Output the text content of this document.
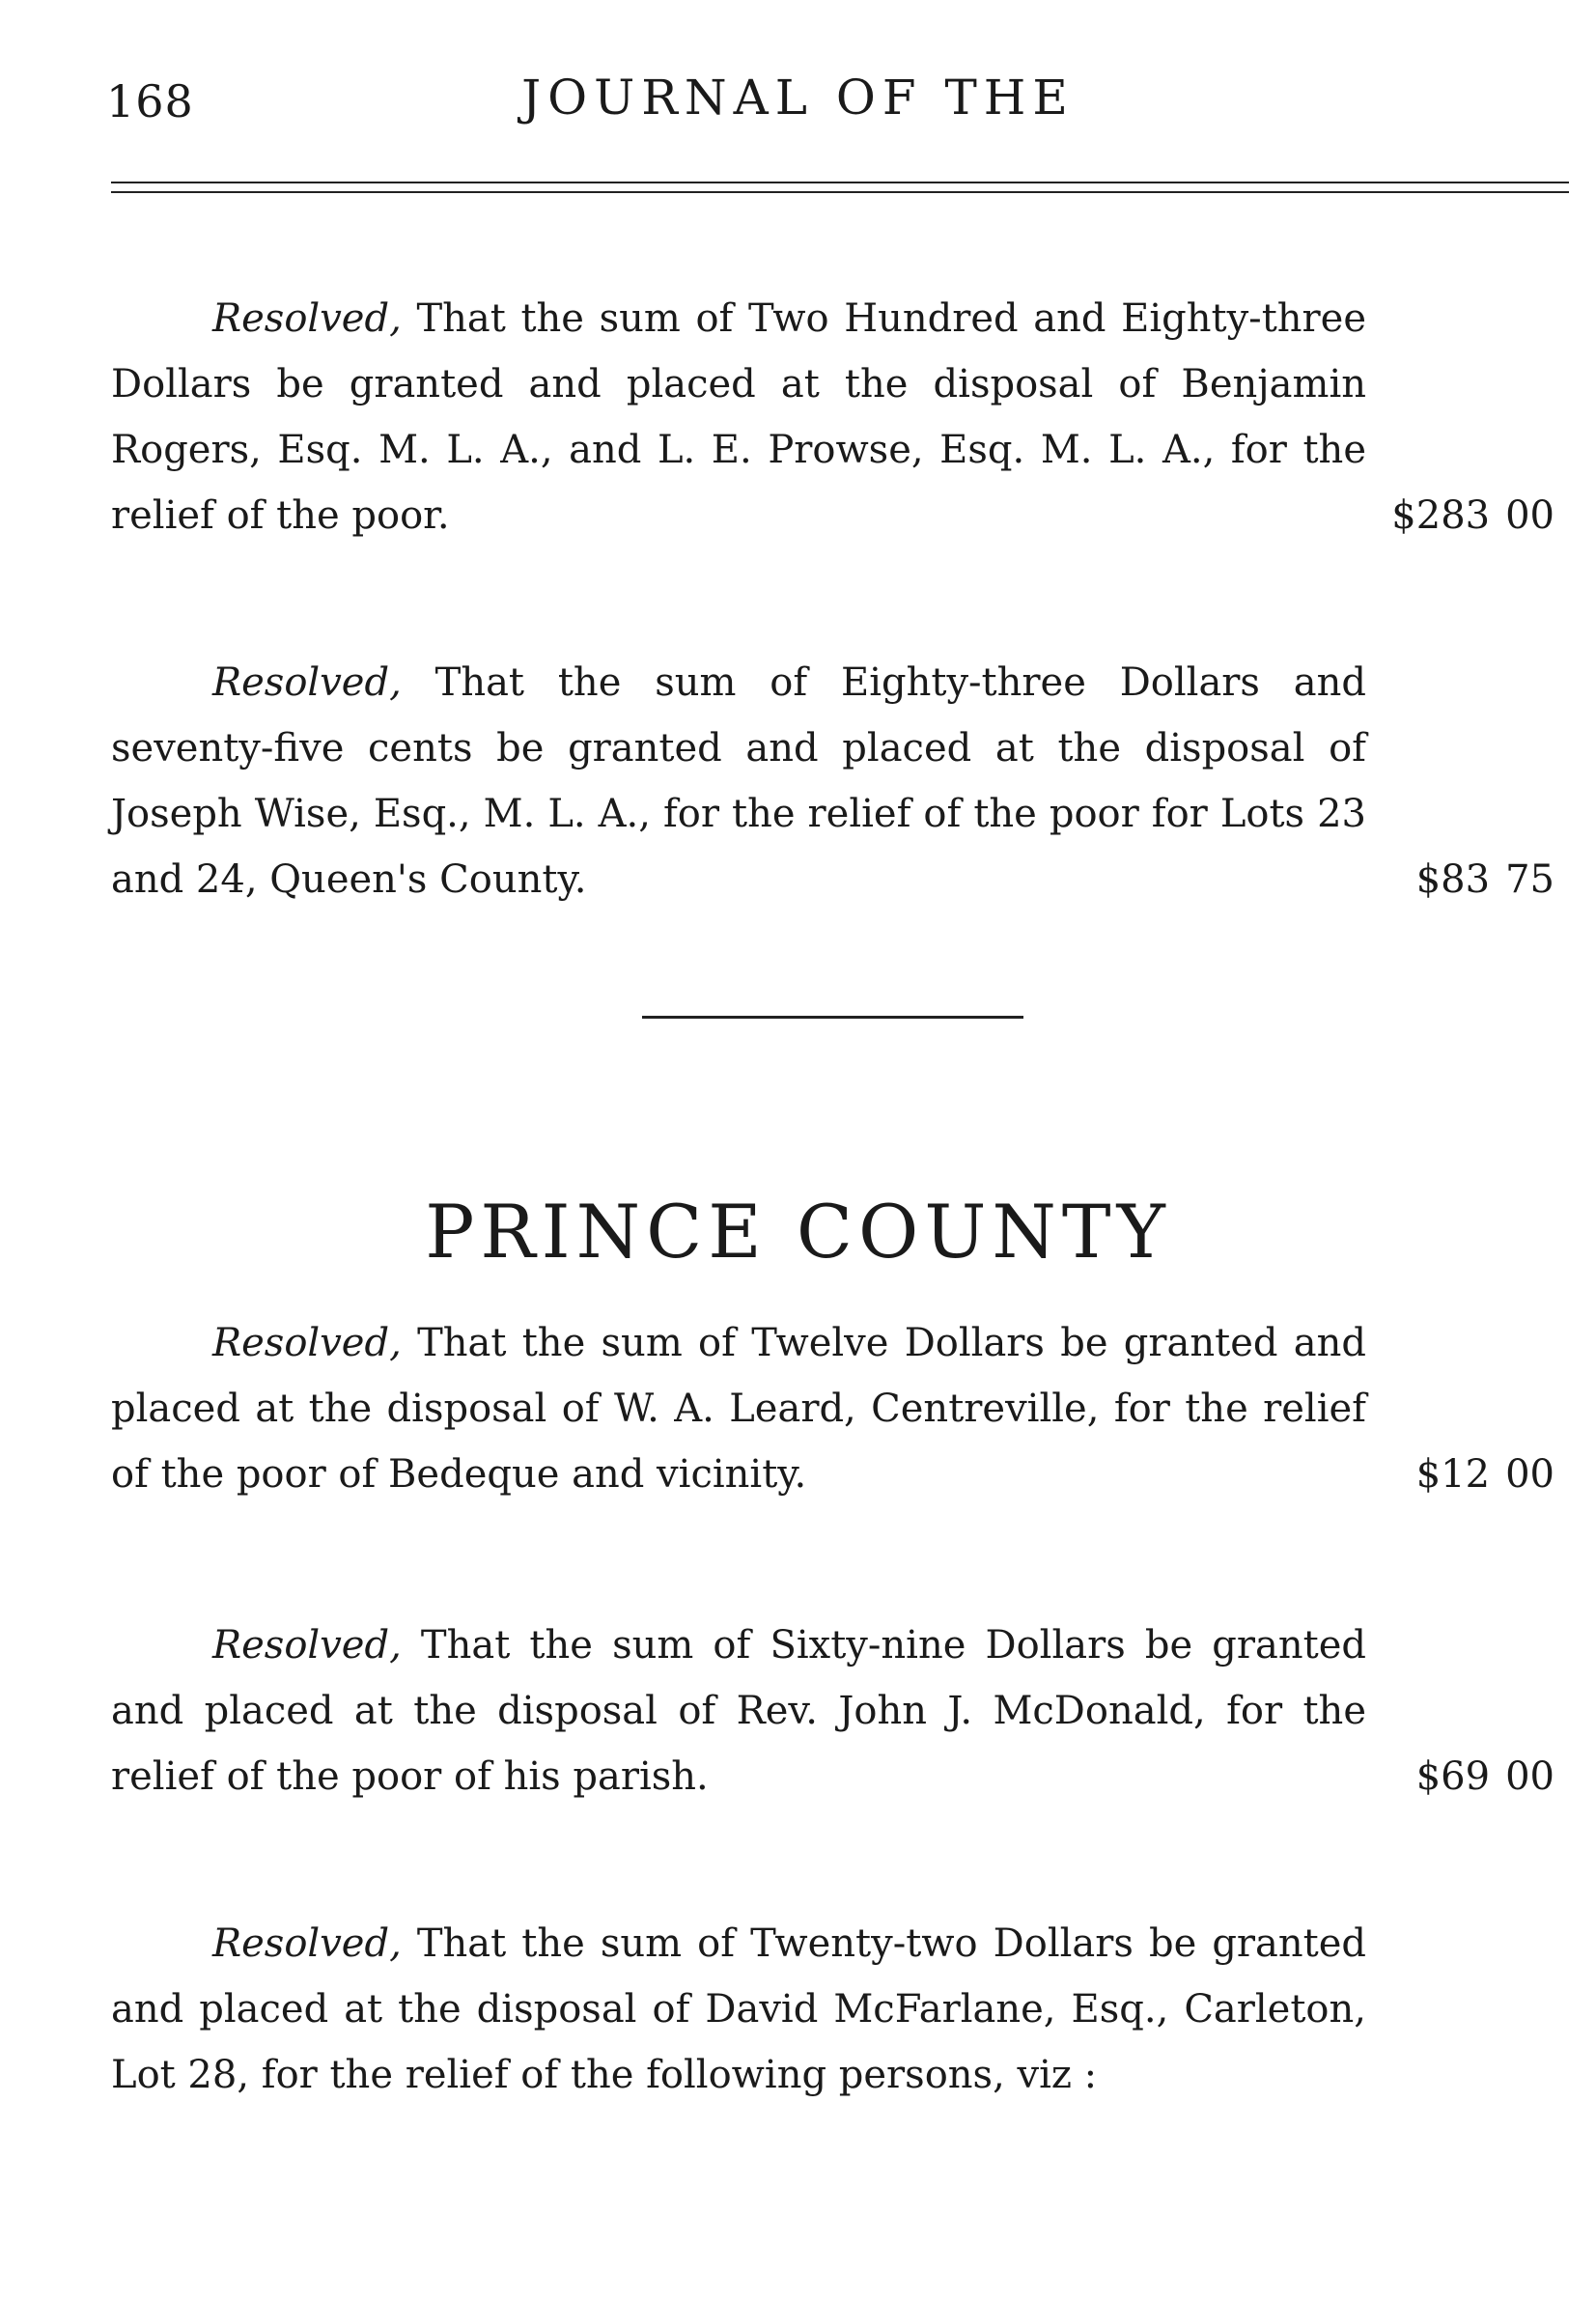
168	JOURNAL OF THE
Resolved, That the sum of Two Hundred and Eighty-three Dollars be granted and placed at the disposal of Benjamin Rogers, Esq. M. L. A., and L. E. Prowse, Esq. M. L. A., for the relief of the poor.	$283 00
Resolved, That the sum of Eighty-three Dollars and seventy-five cents be granted and placed at the disposal of Joseph Wise, Esq., M. L. A., for the relief of the poor for Lots 23 and 24, Queen's County.	$83 75
PRINCE COUNTY
Resolved, That the sum of Twelve Dollars be granted and placed at the disposal of W. A. Leard, Centreville, for the relief of the poor of Bedeque and vicinity.	$12 00
Resolved, That the sum of Sixty-nine Dollars be granted and placed at the disposal of Rev. John J. McDonald, for the relief of the poor of his parish.	$69 00
Resolved, That the sum of Twenty-two Dollars be granted and placed at the disposal of David McFarlane, Esq., Carleton, Lot 28, for the relief of the following persons, viz :
